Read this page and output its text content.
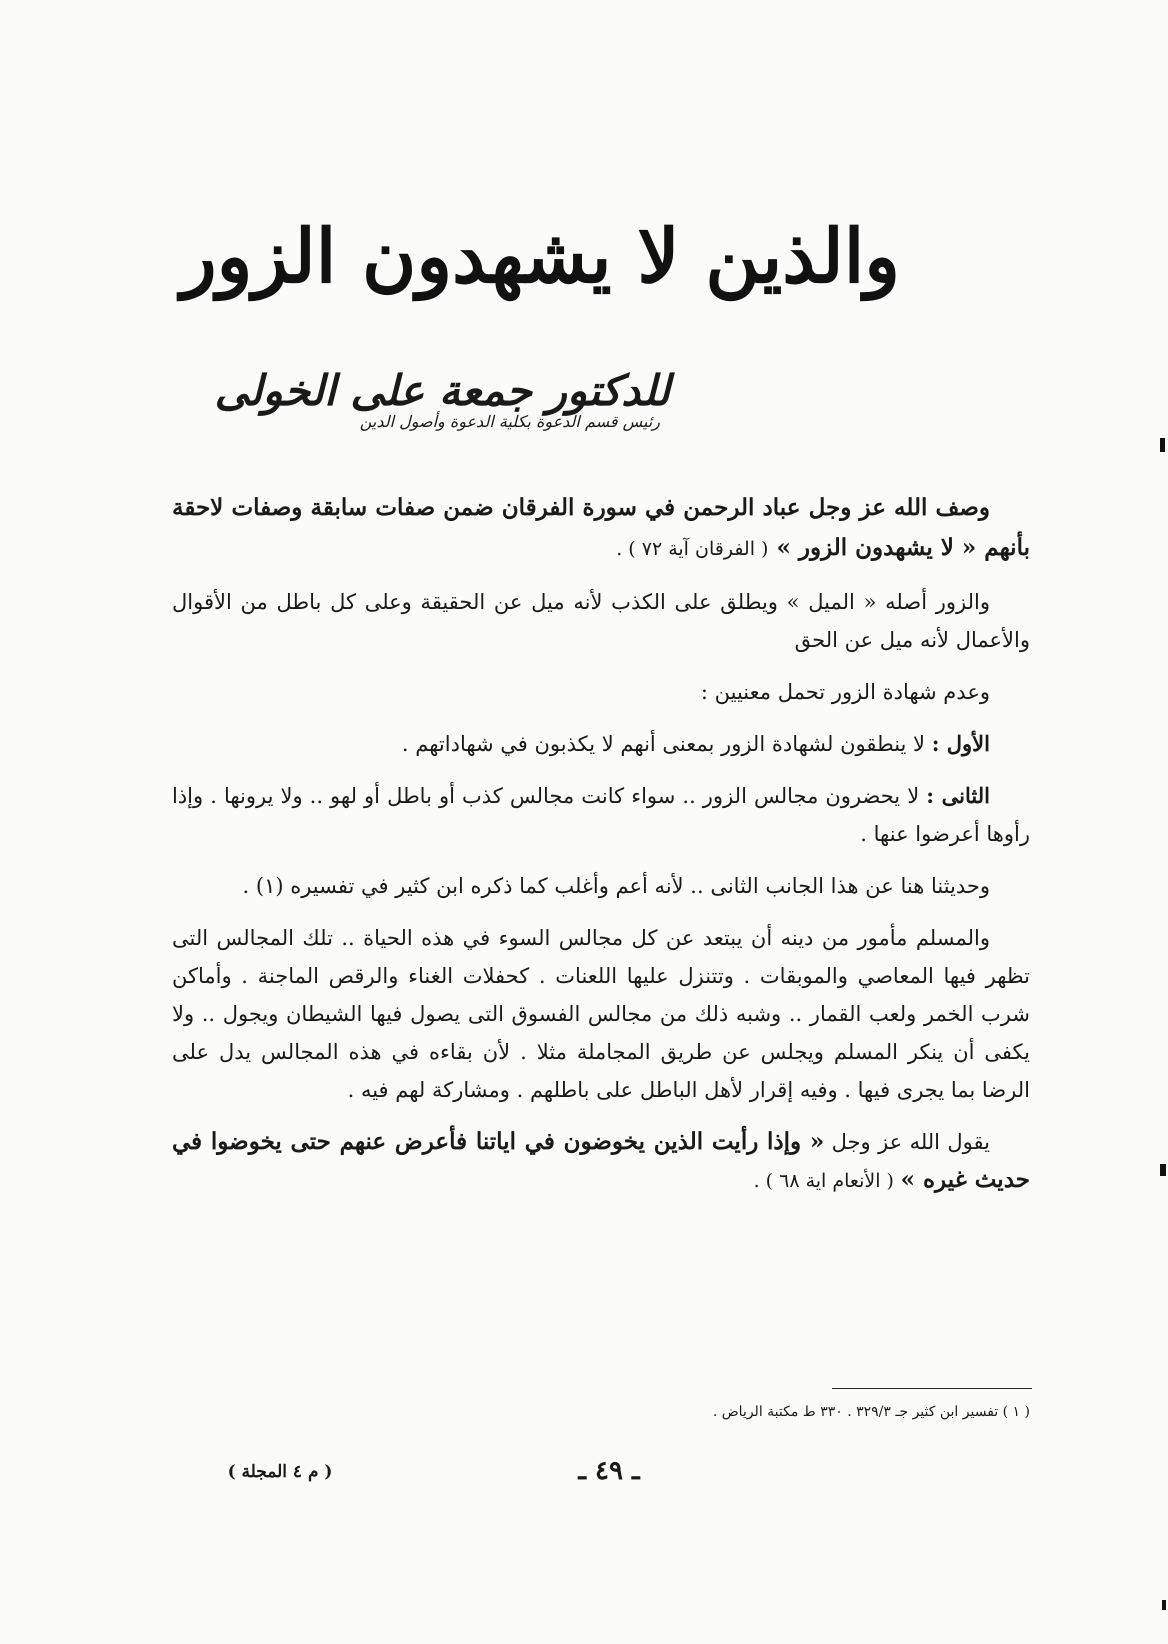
والذين لا يشهدون الزور
للدكتور جمعة على الخولى
رئيس قسم الدعوة بكلية الدعوة وأصول الدين

وصف الله عز وجل عباد الرحمن في سورة الفرقان ضمن صفات سابقة وصفات لاحقة بأنهم « لا يشهدون الزور » ( الفرقان آية ٧٢ ) .

والزور أصله « الميل » ويطلق على الكذب لأنه ميل عن الحقيقة وعلى كل باطل من الأقوال والأعمال لأنه ميل عن الحق

وعدم شهادة الزور تحمل معنيين :

الأول : لا ينطقون لشهادة الزور بمعنى أنهم لا يكذبون في شهاداتهم .

الثانى : لا يحضرون مجالس الزور .. سواء كانت مجالس كذب أو باطل أو لهو .. ولا يرونها . وإذا رأوها أعرضوا عنها .

وحديثنا هنا عن هذا الجانب الثانى .. لأنه أعم وأغلب كما ذكره ابن كثير في تفسيره (١) .

والمسلم مأمور من دينه أن يبتعد عن كل مجالس السوء في هذه الحياة .. تلك المجالس التى تظهر فيها المعاصي والموبقات . وتتنزل عليها اللعنات . كحفلات الغناء والرقص الماجنة . وأماكن شرب الخمر ولعب القمار .. وشبه ذلك من مجالس الفسوق التى يصول فيها الشيطان ويجول .. ولا يكفى أن ينكر المسلم ويجلس عن طريق المجاملة مثلا . لأن بقاءه في هذه المجالس يدل على الرضا بما يجرى فيها . وفيه إقرار لأهل الباطل على باطلهم . ومشاركة لهم فيه .

يقول الله عز وجل « وإذا رأيت الذين يخوضون في اياتنا فأعرض عنهم حتى يخوضوا في حديث غيره » ( الأنعام اية ٦٨ ) .

( ١ ) تفسير ابن كثير جـ ٣٢٩/٣ . ٣٣٠ ط مكتبة الرياض .
ـ ٤٩ ـ
( م ٤ المجلة )
